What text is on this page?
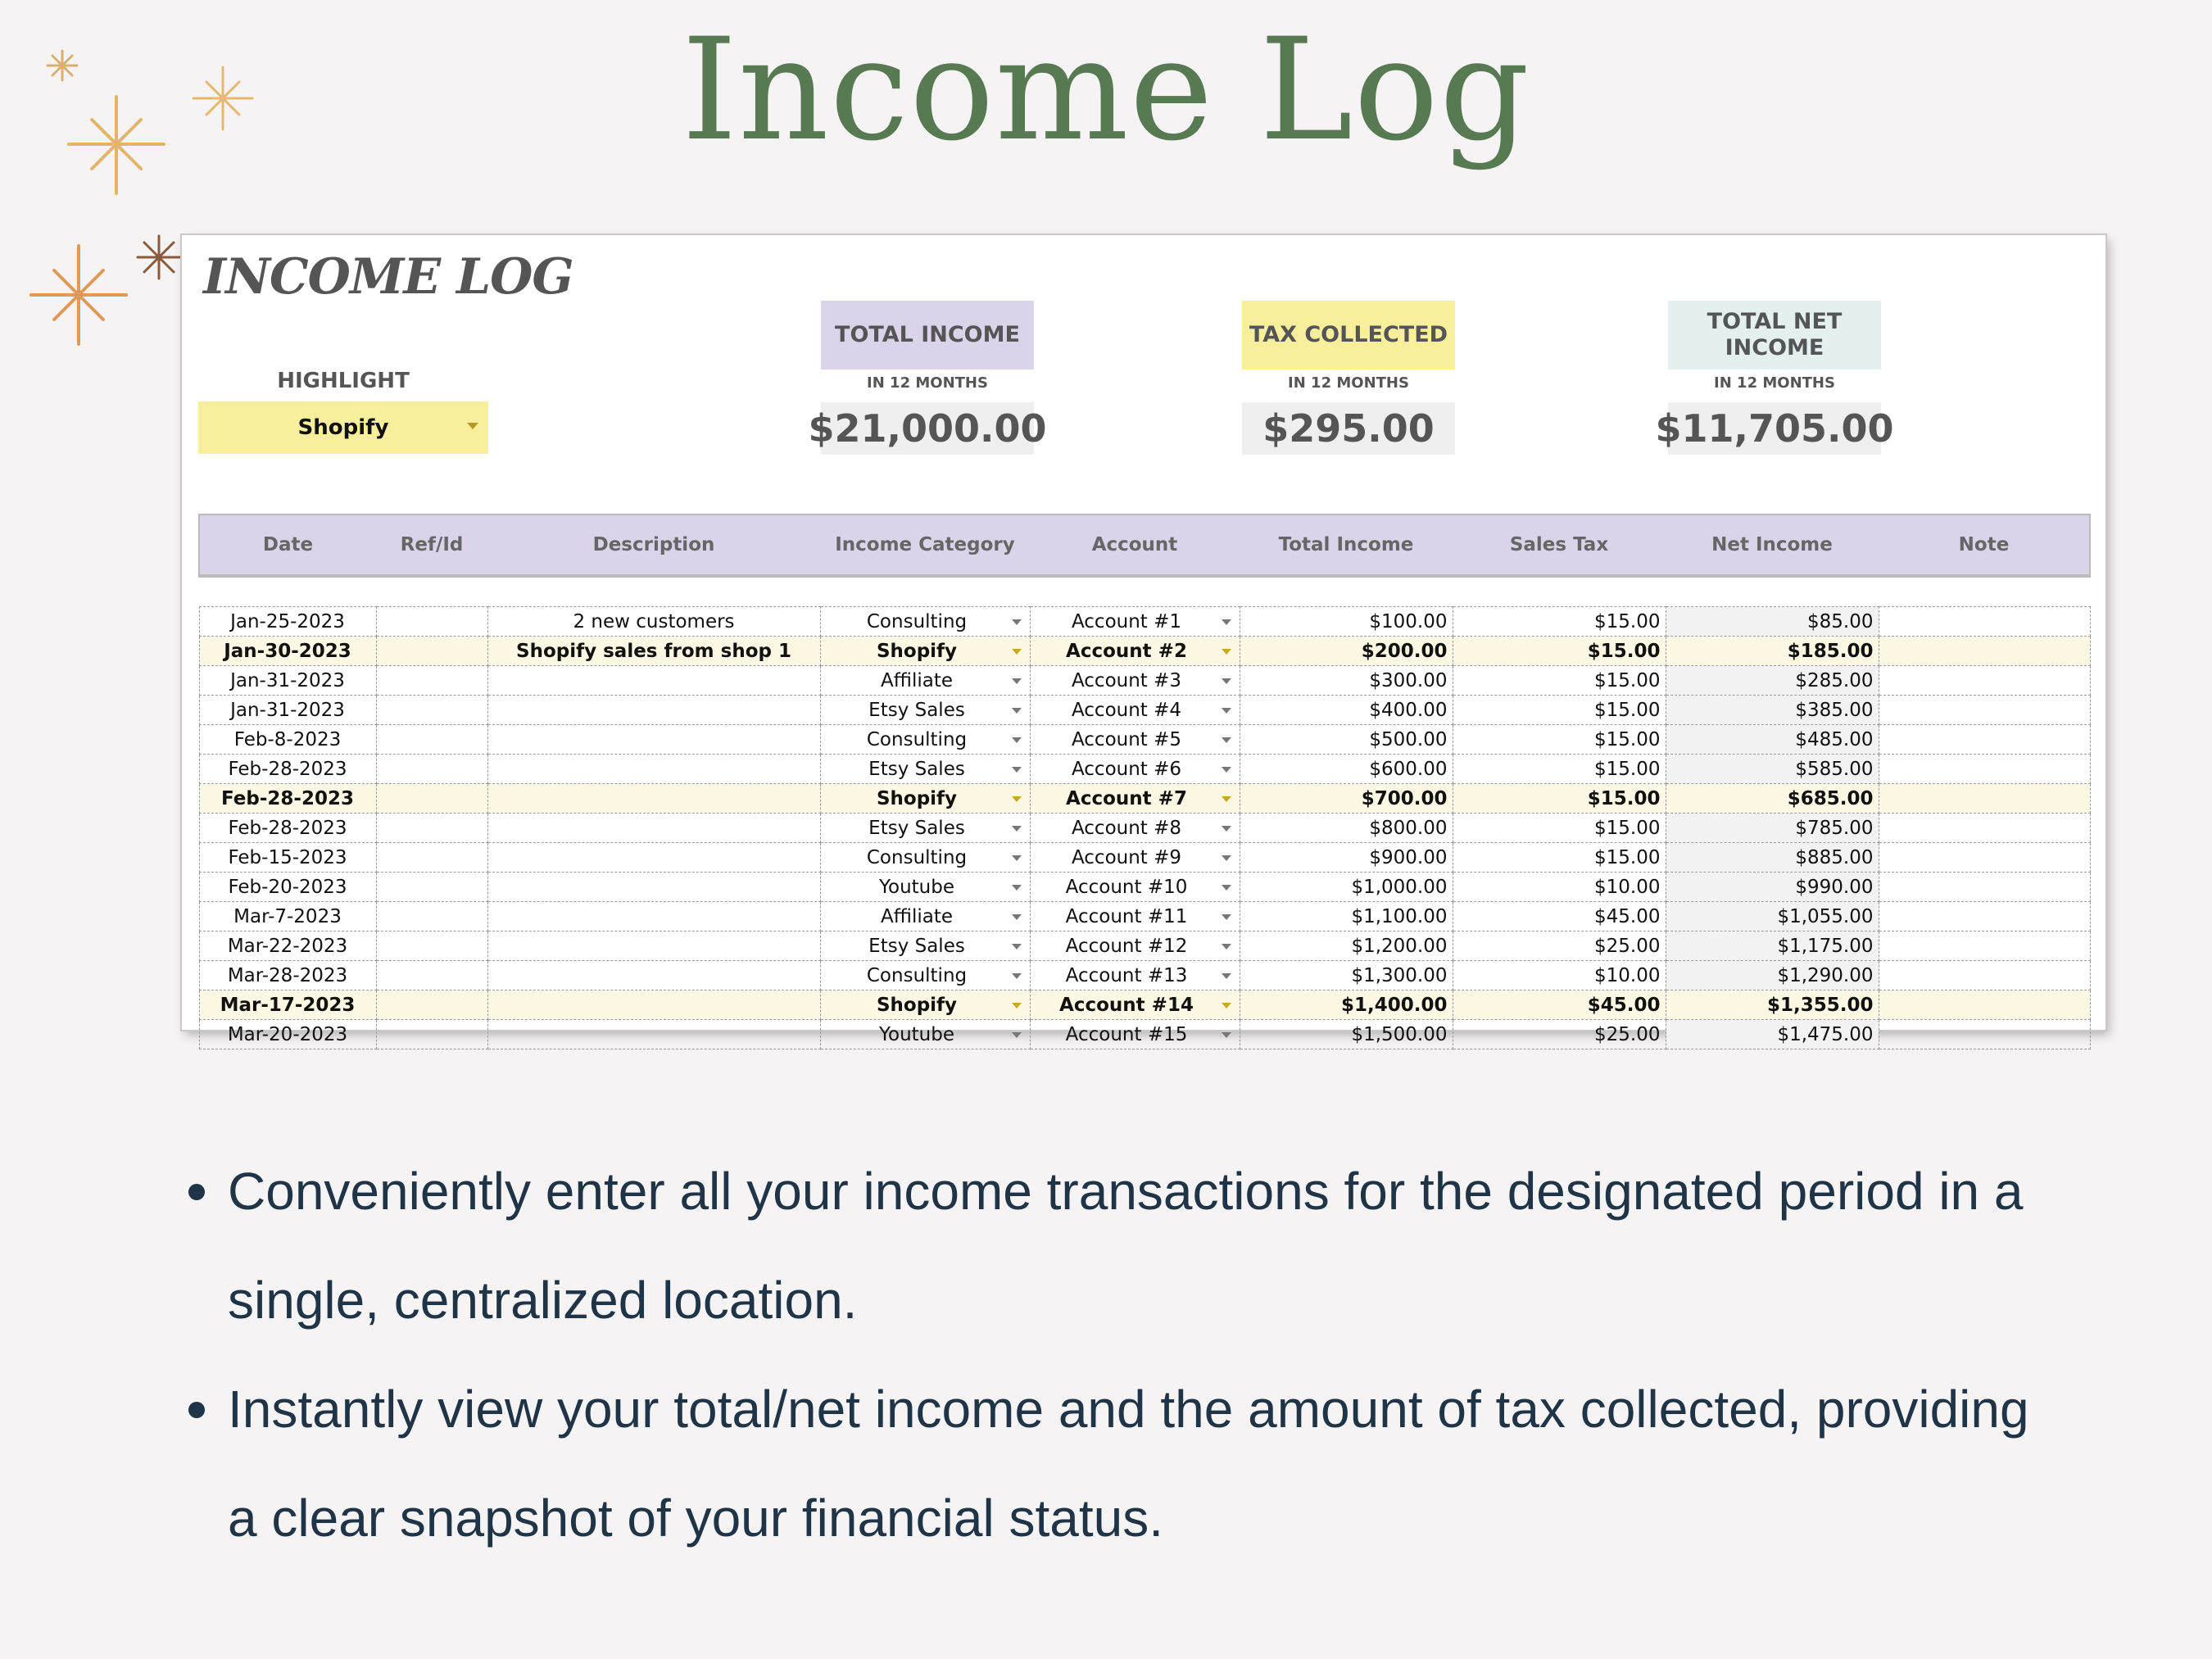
Income Log
INCOME LOG
HIGHLIGHT
Shopify
TOTAL INCOME
IN 12 MONTHS
$21,000.00
TAX COLLECTED
IN 12 MONTHS
$295.00
TOTAL NET INCOME
IN 12 MONTHS
$11,705.00
Date	Ref/Id	Description	Income Category	Account	Total Income	Sales Tax	Net Income	Note

Jan-25-2023		2 new customers	Consulting	Account #1	$100.00	$15.00	$85.00	
Jan-30-2023		Shopify sales from shop 1	Shopify	Account #2	$200.00	$15.00	$185.00	
Jan-31-2023			Affiliate	Account #3	$300.00	$15.00	$285.00	
Jan-31-2023			Etsy Sales	Account #4	$400.00	$15.00	$385.00	
Feb-8-2023			Consulting	Account #5	$500.00	$15.00	$485.00	
Feb-28-2023			Etsy Sales	Account #6	$600.00	$15.00	$585.00	
Feb-28-2023			Shopify	Account #7	$700.00	$15.00	$685.00	
Feb-28-2023			Etsy Sales	Account #8	$800.00	$15.00	$785.00	
Feb-15-2023			Consulting	Account #9	$900.00	$15.00	$885.00	
Feb-20-2023			Youtube	Account #10	$1,000.00	$10.00	$990.00	
Mar-7-2023			Affiliate	Account #11	$1,100.00	$45.00	$1,055.00	
Mar-22-2023			Etsy Sales	Account #12	$1,200.00	$25.00	$1,175.00	
Mar-28-2023			Consulting	Account #13	$1,300.00	$10.00	$1,290.00	
Mar-17-2023			Shopify	Account #14	$1,400.00	$45.00	$1,355.00	
Mar-20-2023			Youtube	Account #15	$1,500.00	$25.00	$1,475.00	
Conveniently enter all your income transactions for the designated period in a
single, centralized location.
Instantly view your total/net income and the amount of tax collected, providing
a clear snapshot of your financial status.
